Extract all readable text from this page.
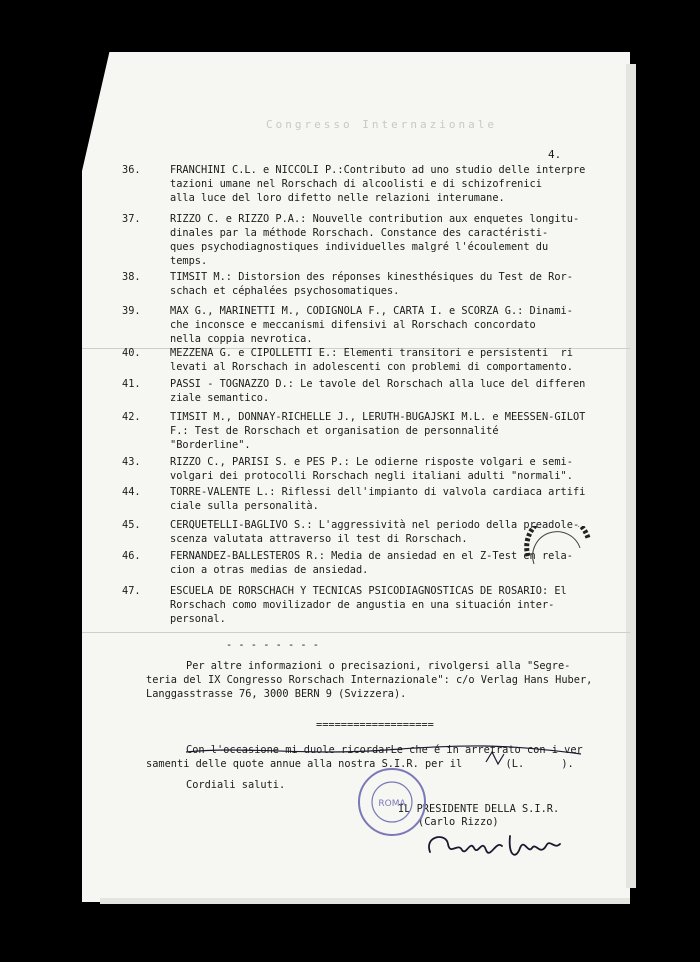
Congresso Internazionale
4.
36.	FRANCHINI C.L. e NICCOLI P.:Contributo ad uno studio delle interpre
tazioni umane nel Rorschach di alcoolisti e di schizofrenici
alla luce del loro difetto nelle relazioni interumane.
37.	RIZZO C. e RIZZO P.A.: Nouvelle contribution aux enquetes longitu-
dinales par la méthode Rorschach. Constance des caractéristi-
ques psychodiagnostiques individuelles malgré l'écoulement du
temps.
38.	TIMSIT M.: Distorsion des réponses kinesthésiques du Test de Ror-
schach et céphalées psychosomatiques.
39.	MAX G., MARINETTI M., CODIGNOLA F., CARTA I. e SCORZA G.: Dinami-
che inconsce e meccanismi difensivi al Rorschach concordato
nella coppia nevrotica.
40.	MEZZENA G. e CIPOLLETTI E.: Elementi transitori e persistenti  ri
levati al Rorschach in adolescenti con problemi di comportamento.
41.	PASSI - TOGNAZZO D.: Le tavole del Rorschach alla luce del differen
ziale semantico.
42.	TIMSIT M., DONNAY-RICHELLE J., LERUTH-BUGAJSKI M.L. e MEESSEN-GILOT
F.: Test de Rorschach et organisation de personnalité
"Borderline".
43.	RIZZO C., PARISI S. e PES P.: Le odierne risposte volgari e semi-
volgari dei protocolli Rorschach negli italiani adulti "normali".
44.	TORRE-VALENTE L.: Riflessi dell'impianto di valvola cardiaca artifi
ciale sulla personalità.
45.	CERQUETELLI-BAGLIVO S.: L'aggressività nel periodo della preadole-
scenza valutata attraverso il test di Rorschach.
46.	FERNANDEZ-BALLESTEROS R.: Media de ansiedad en el Z-Test en rela-
cion a otras medias de ansiedad.
47.	ESCUELA DE RORSCHACH Y TECNICAS PSICODIAGNOSTICAS DE ROSARIO: El
Rorschach como movilizador de angustia en una situación inter-
personal.
- - - - - - - -
Per altre informazioni o precisazioni, rivolgersi alla "Segre-
teria del IX Congresso Rorschach Internazionale": c/o Verlag Hans Huber,
Langgasstrasse 76, 3000 BERN 9 (Svizzera).
===================
Con l'occasione mi duole ricordarLe che é in arretrato con i ver
samenti delle quote annue alla nostra S.I.R. per il       (L.      ).
Cordiali saluti.
IL PRESIDENTE DELLA S.I.R.
(Carlo Rizzo)
ROMA
